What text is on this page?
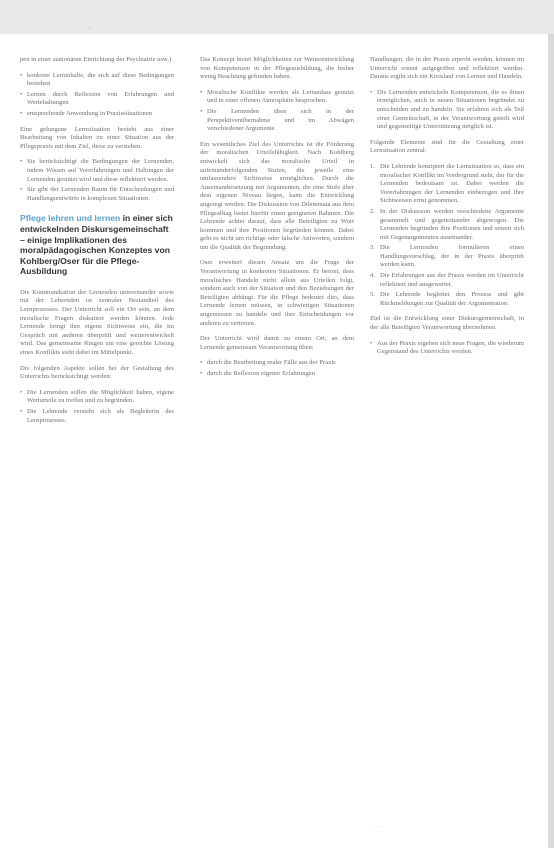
·

pen in einer stationären Einrichtung der Psychiatrie usw.)

• konkrete Lerninhalte, die sich auf diese Bedingungen beziehen
• Lernen durch Reflexion von Erfahrungen und Wertehaltungen
• entsprechende Anwendung in Praxissituationen

Eine gelungene Lernsituation besteht aus einer Bearbeitung von Inhalten zu einer Situation aus der Pflegepraxis mit dem Ziel, diese zu verstehen.

• Sie berücksichtigt die Bedingungen der Lernenden, indem Wissen auf Vorerfahrungen und Haltungen der Lernenden gestützt wird und diese reflektiert werden.
• Sie gibt der Lernenden Raum für Entscheidungen und Handlungsentwürfe in komplexen Situationen.
Pflege lehren und lernen in einer sich entwickelnden Diskursgemeinschaft – einige Implikationen des moralpädagogischen Konzeptes von Kohlberg/Oser für die Pflege-Ausbildung

Die Kommunikation der Lernenden untereinander sowie mit der Lehrenden ist zentraler Bestandteil des Lernprozesses. Der Unterricht soll ein Ort sein, an dem moralische Fragen diskutiert werden können. Jede Lernende bringt ihre eigene Sichtweise ein, die im Gespräch mit anderen überprüft und weiterentwickelt wird. Das gemeinsame Ringen um eine gerechte Lösung eines Konflikts steht dabei im Mittelpunkt.

Die folgenden Aspekte sollen bei der Gestaltung des Unterrichts berücksichtigt werden:

• Die Lernenden sollen die Möglichkeit haben, eigene Werturteile zu treffen und zu begründen.
• Die Lehrende versteht sich als Begleiterin des Lernprozesses.

Das Konzept bietet Möglichkeiten zur Weiterentwicklung von Kompetenzen in der Pflegeausbildung, die bisher wenig Beachtung gefunden haben.

• Moralische Konflikte werden als Lernanlass genutzt und in einer offenen Atmosphäre besprochen.
• Die Lernenden üben sich in der Perspektivenübernahme und im Abwägen verschiedener Argumente.

Ein wesentliches Ziel des Unterrichts ist die Förderung der moralischen Urteilsfähigkeit. Nach Kohlberg entwickelt sich das moralische Urteil in aufeinanderfolgenden Stufen, die jeweils eine umfassendere Sichtweise ermöglichen. Durch die Auseinandersetzung mit Argumenten, die eine Stufe über dem eigenen Niveau liegen, kann die Entwicklung angeregt werden. Die Diskussion von Dilemmata aus dem Pflegealltag bietet hierfür einen geeigneten Rahmen. Die Lehrende achtet darauf, dass alle Beteiligten zu Wort kommen und ihre Positionen begründen können. Dabei geht es nicht um richtige oder falsche Antworten, sondern um die Qualität der Begründung.

Oser erweitert diesen Ansatz um die Frage der Verantwortung in konkreten Situationen. Er betont, dass moralisches Handeln nicht allein aus Urteilen folgt, sondern auch von der Situation und den Beziehungen der Beteiligten abhängt. Für die Pflege bedeutet dies, dass Lernende lernen müssen, in schwierigen Situationen angemessen zu handeln und ihre Entscheidungen vor anderen zu vertreten.

Der Unterricht wird damit zu einem Ort, an dem Lernende gemeinsam Verantwortung üben:

• durch die Bearbeitung realer Fälle aus der Praxis
• durch die Reflexion eigener Erfahrungen

Handlungen, die in der Praxis erprobt werden, können im Unterricht erneut aufgegriffen und reflektiert werden. Daraus ergibt sich ein Kreislauf von Lernen und Handeln.

• Die Lernenden entwickeln Kompetenzen, die es ihnen ermöglichen, auch in neuen Situationen begründet zu entscheiden und zu handeln. Sie erfahren sich als Teil einer Gemeinschaft, in der Verantwortung geteilt wird und gegenseitige Unterstützung möglich ist.

Folgende Elemente sind für die Gestaltung einer Lernsituation zentral:

Die Lehrende konzipiert die Lernsituation so, dass ein moralischer Konflikt im Vordergrund steht, der für die Lernenden bedeutsam ist. Dabei werden die Vorerfahrungen der Lernenden einbezogen und ihre Sichtweisen ernst genommen.
In der Diskussion werden verschiedene Argumente gesammelt und gegeneinander abgewogen. Die Lernenden begründen ihre Positionen und setzen sich mit Gegenargumenten auseinander.
Die Lernenden formulieren einen Handlungsvorschlag, der in der Praxis überprüft werden kann.
Die Erfahrungen aus der Praxis werden im Unterricht reflektiert und ausgewertet.
Die Lehrende begleitet den Prozess und gibt Rückmeldungen zur Qualität der Argumentation.

Ziel ist die Entwicklung einer Diskursgemeinschaft, in der alle Beteiligten Verantwortung übernehmen.

• Aus der Praxis ergeben sich neue Fragen, die wiederum Gegenstand des Unterrichts werden.
· · ·
